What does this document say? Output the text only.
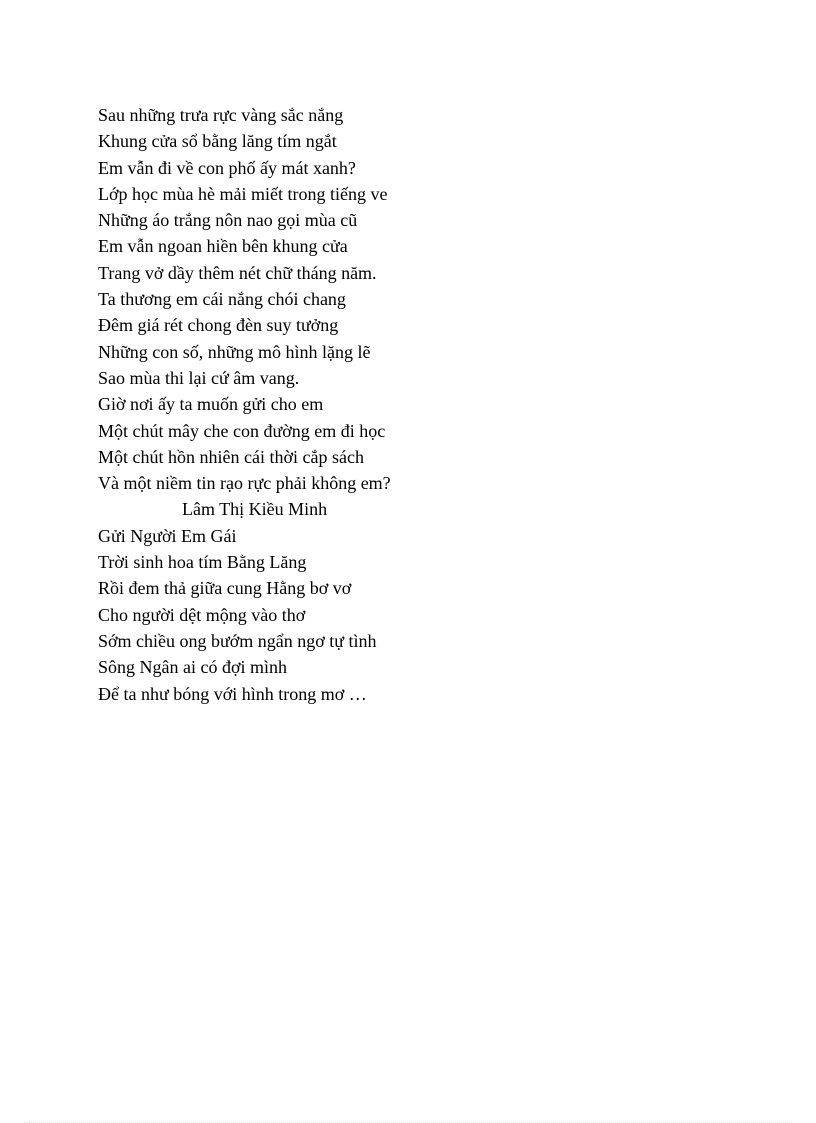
Sau những trưa rực vàng sắc nắng
Khung cửa sổ bằng lăng tím ngắt
Em vẫn đi về con phố ấy mát xanh?
Lớp học mùa hè mải miết trong tiếng ve
Những áo trắng nôn nao gọi mùa cũ
Em vẫn ngoan hiền bên khung cửa
Trang vở dầy thêm nét chữ tháng năm.
Ta thương em cái nắng chói chang
Đêm giá rét chong đèn suy tưởng
Những con số, những mô hình lặng lẽ
Sao mùa thi lại cứ âm vang.
Giờ nơi ấy ta muốn gửi cho em
Một chút mây che con đường em đi học
Một chút hồn nhiên cái thời cắp sách
Và một niềm tin rạo rực phải không em?
Lâm Thị Kiều Minh
Gửi Người Em Gái
Trời sinh hoa tím Bằng Lăng
Rồi đem thả giữa cung Hằng bơ vơ
Cho người dệt mộng vào thơ
Sớm chiều ong bướm ngẩn ngơ tự tình
Sông Ngân ai có đợi mình
Để ta như bóng với hình trong mơ …
